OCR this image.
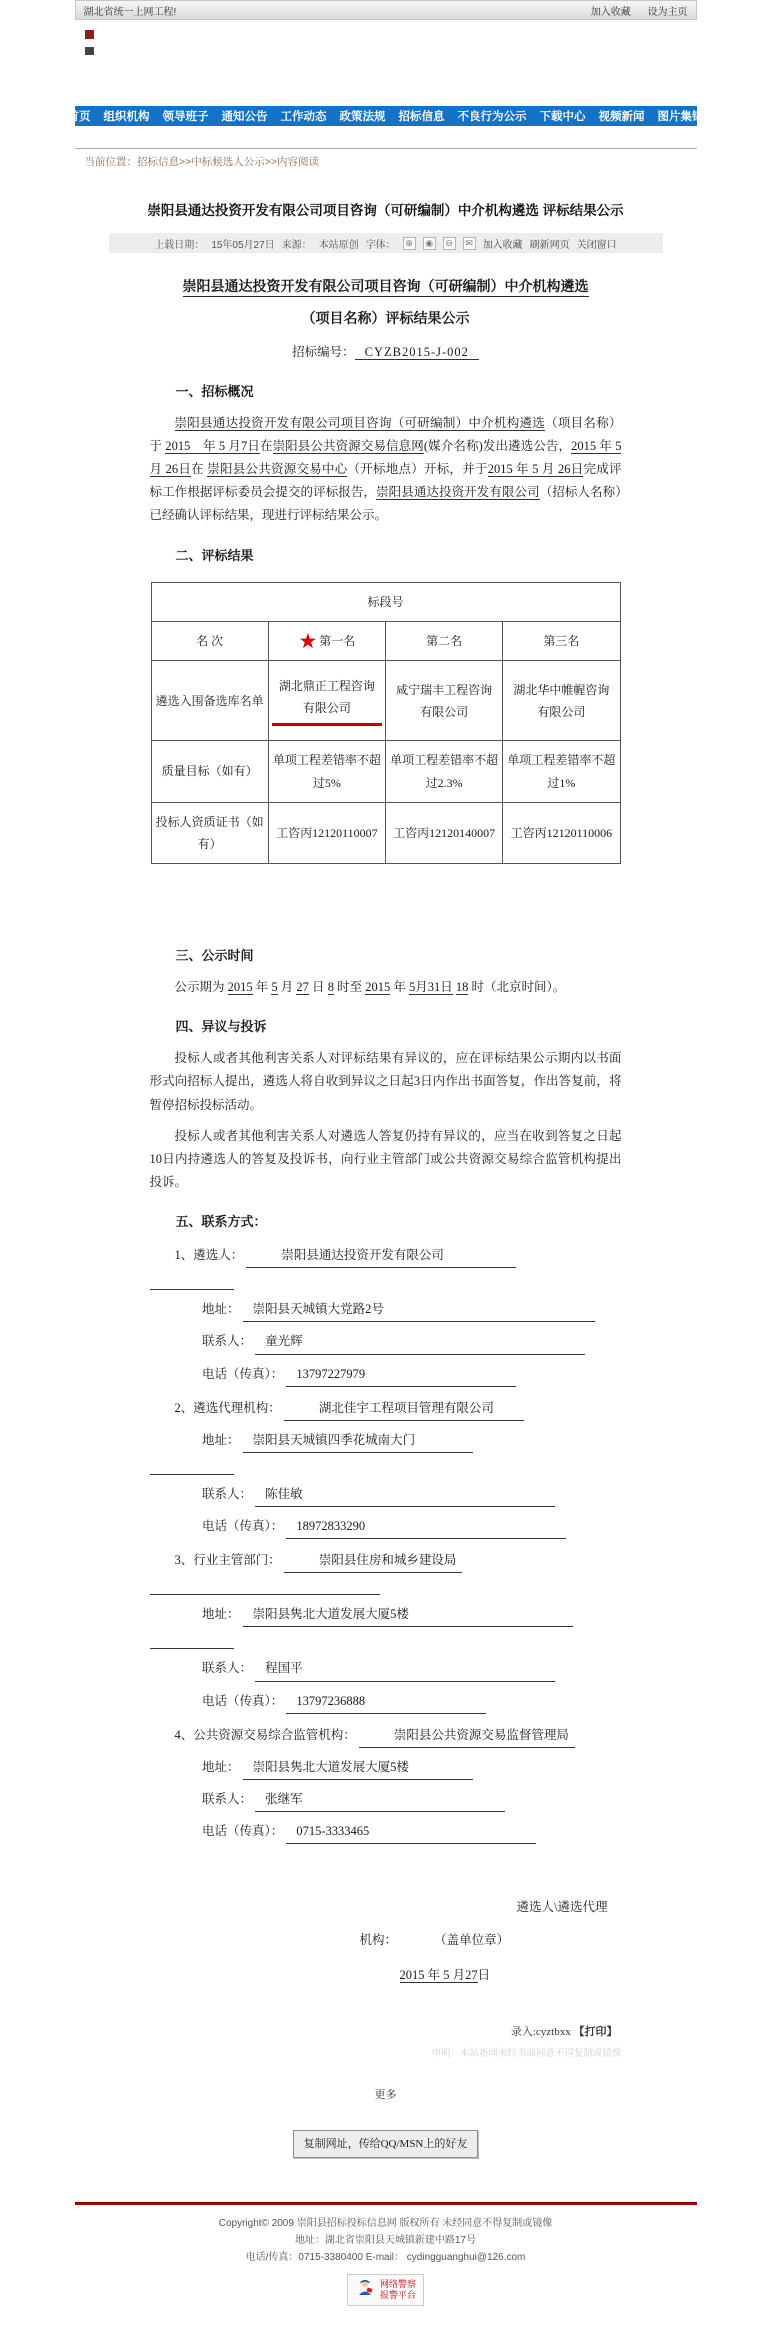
湖北省统一上网工程!	加入收藏 设为主页
首页 组织机构 领导班子 通知公告 工作动态 政策法规 招标信息 不良行为公示 下载中心 视频新闻 图片集锦
当前位置：招标信息>>中标候选人公示>>内容阅读
崇阳县通达投资开发有限公司项目咨询（可研编制）中介机构遴选 评标结果公示
上载日期： 15年05月27日 来源： 本站原创 字体：	⊕	◉	⊖	✉ 加入收藏 刷新网页 关闭窗口
崇阳县通达投资开发有限公司项目咨询（可研编制）中介机构遴选
（项目名称）评标结果公示
招标编号： CYZB2015-J-002
一、招标概况
崇阳县通达投资开发有限公司项目咨询（可研编制）中介机构遴选（项目名称）于 2015　年 5 月7日在崇阳县公共资源交易信息网(媒介名称)发出遴选公告，2015 年 5月 26日在 崇阳县公共资源交易中心（开标地点）开标，并于2015 年 5 月 26日完成评标工作根据评标委员会提交的评标报告，崇阳县通达投资开发有限公司（招标人名称）已经确认评标结果，现进行评标结果公示。
二、评标结果
标段号			
名 次	★ 第一名	第二名	第三名
遴选入围备选库名单	湖北鼎正工程咨询有限公司	咸宁瑞丰工程咨询有限公司	湖北华中帷幄咨询有限公司
质量目标（如有）	单项工程差错率不超过5%	单项工程差错率不超过2.3%	单项工程差错率不超过1%
投标人资质证书（如有）	工咨丙12120110007	工咨丙12120140007	工咨丙12120110006
三、公示时间
公示期为 2015 年 5 月 27 日 8 时至 2015 年 5月31日 18 时（北京时间）。
四、异议与投诉
投标人或者其他利害关系人对评标结果有异议的，应在评标结果公示期内以书面形式向招标人提出，遴选人将自收到异议之日起3日内作出书面答复，作出答复前，将暂停招标投标活动。
投标人或者其他利害关系人对遴选人答复仍持有异议的，应当在收到答复之日起10日内持遴选人的答复及投诉书，向行业主管部门或公共资源交易综合监管机构提出投诉。
五、联系方式：
1、遴选人：	崇阳县通达投资开发有限公司
地址： 崇阳县天城镇大党路2号
联系人： 童光辉
电话（传真）： 13797227979
2、遴选代理机构：	湖北佳宇工程项目管理有限公司
地址： 崇阳县天城镇四季花城南大门
联系人： 陈佳敏
电话（传真）： 18972833290
3、行业主管部门：	崇阳县住房和城乡建设局
地址： 崇阳县隽北大道发展大厦5楼
联系人： 程国平
电话（传真）： 13797236888
4、公共资源交易综合监管机构：	崇阳县公共资源交易监督管理局
地址： 崇阳县隽北大道发展大厦5楼
联系人： 张继军
电话（传真）： 0715-3333465
遴选人\遴选代理
机构：	（盖单位章）
2015 年 5 月27日
录入:cyztbxx 【打印】
申明：本站新闻未经书面同意不得复制或镜像
更多
复制网址，传给QQ/MSN上的好友
Copyright© 2009 崇阳县招标投标信息网 版权所有 未经同意不得复制或镜像
地址：湖北省崇阳县天城镇新建中路17号
电话/传真：0715-3380400 E-mail： cydingguanghui@126.com
网络警察
报警平台
